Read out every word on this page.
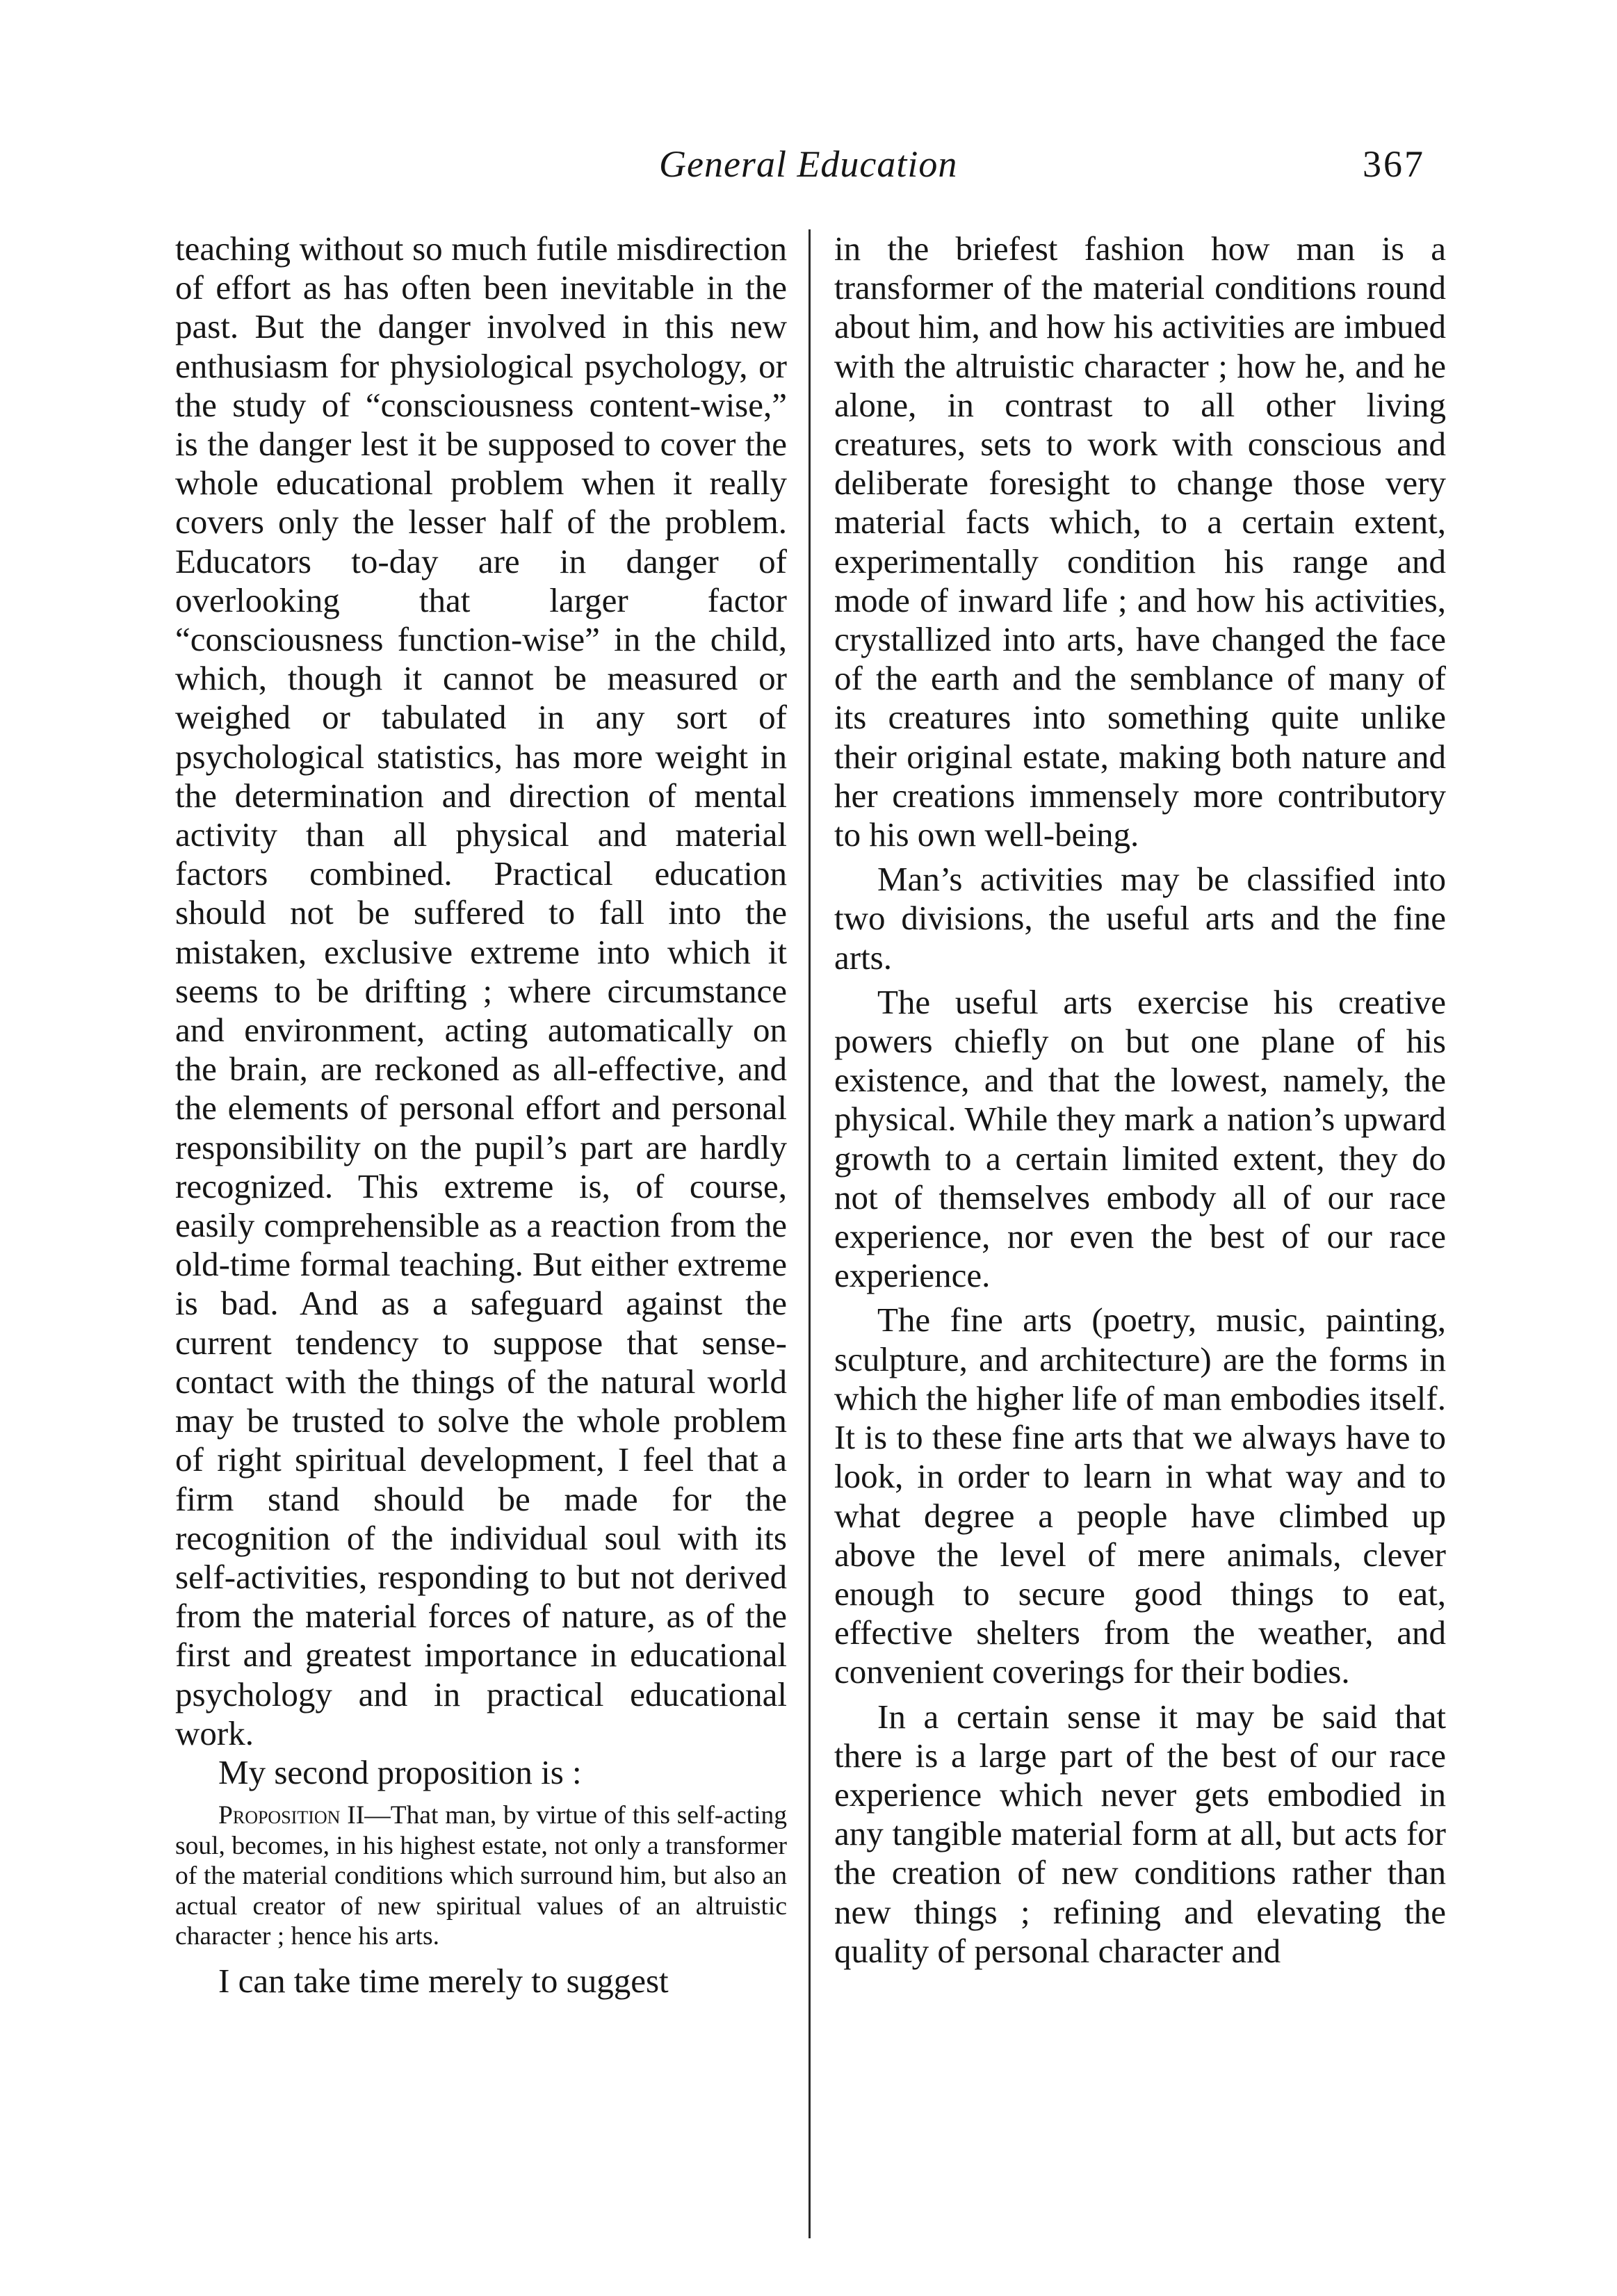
General Education	367

teaching without so much futile misdirection of effort as has often been inevitable in the past. But the danger involved in this new enthusiasm for physiological psychology, or the study of “consciousness content-wise,” is the danger lest it be supposed to cover the whole educational problem when it really covers only the lesser half of the problem. Educators to-day are in danger of overlooking that larger factor “consciousness function-wise” in the child, which, though it cannot be measured or weighed or tabulated in any sort of psychological statistics, has more weight in the determination and direction of mental activity than all physical and material factors combined. Practical education should not be suffered to fall into the mistaken, exclusive extreme into which it seems to be drifting ; where circumstance and environment, acting automatically on the brain, are reckoned as all-effective, and the elements of personal effort and personal responsibility on the pupil’s part are hardly recognized. This extreme is, of course, easily comprehensible as a reaction from the old-time formal teaching. But either extreme is bad. And as a safeguard against the current tendency to suppose that sense-contact with the things of the natural world may be trusted to solve the whole problem of right spiritual development, I feel that a firm stand should be made for the recognition of the individual soul with its self-activities, responding to but not derived from the material forces of nature, as of the first and greatest importance in educational psychology and in practical educational work.

My second proposition is :

Proposition II—That man, by virtue of this self-acting soul, becomes, in his highest estate, not only a transformer of the material conditions which surround him, but also an actual creator of new spiritual values of an altruistic character ; hence his arts.

I can take time merely to suggest

in the briefest fashion how man is a transformer of the material conditions round about him, and how his activities are imbued with the altruistic character ; how he, and he alone, in contrast to all other living creatures, sets to work with conscious and deliberate foresight to change those very material facts which, to a certain extent, experimentally condition his range and mode of inward life ; and how his activities, crystallized into arts, have changed the face of the earth and the semblance of many of its creatures into something quite unlike their original estate, making both nature and her creations immensely more contributory to his own well-being.

Man’s activities may be classified into two divisions, the useful arts and the fine arts.

The useful arts exercise his creative powers chiefly on but one plane of his existence, and that the lowest, namely, the physical. While they mark a nation’s upward growth to a certain limited extent, they do not of themselves embody all of our race experience, nor even the best of our race experience.

The fine arts (poetry, music, painting, sculpture, and architecture) are the forms in which the higher life of man embodies itself. It is to these fine arts that we always have to look, in order to learn in what way and to what degree a people have climbed up above the level of mere animals, clever enough to secure good things to eat, effective shelters from the weather, and convenient coverings for their bodies.

In a certain sense it may be said that there is a large part of the best of our race experience which never gets embodied in any tangible material form at all, but acts for the creation of new conditions rather than new things ; refining and elevating the quality of personal character and
